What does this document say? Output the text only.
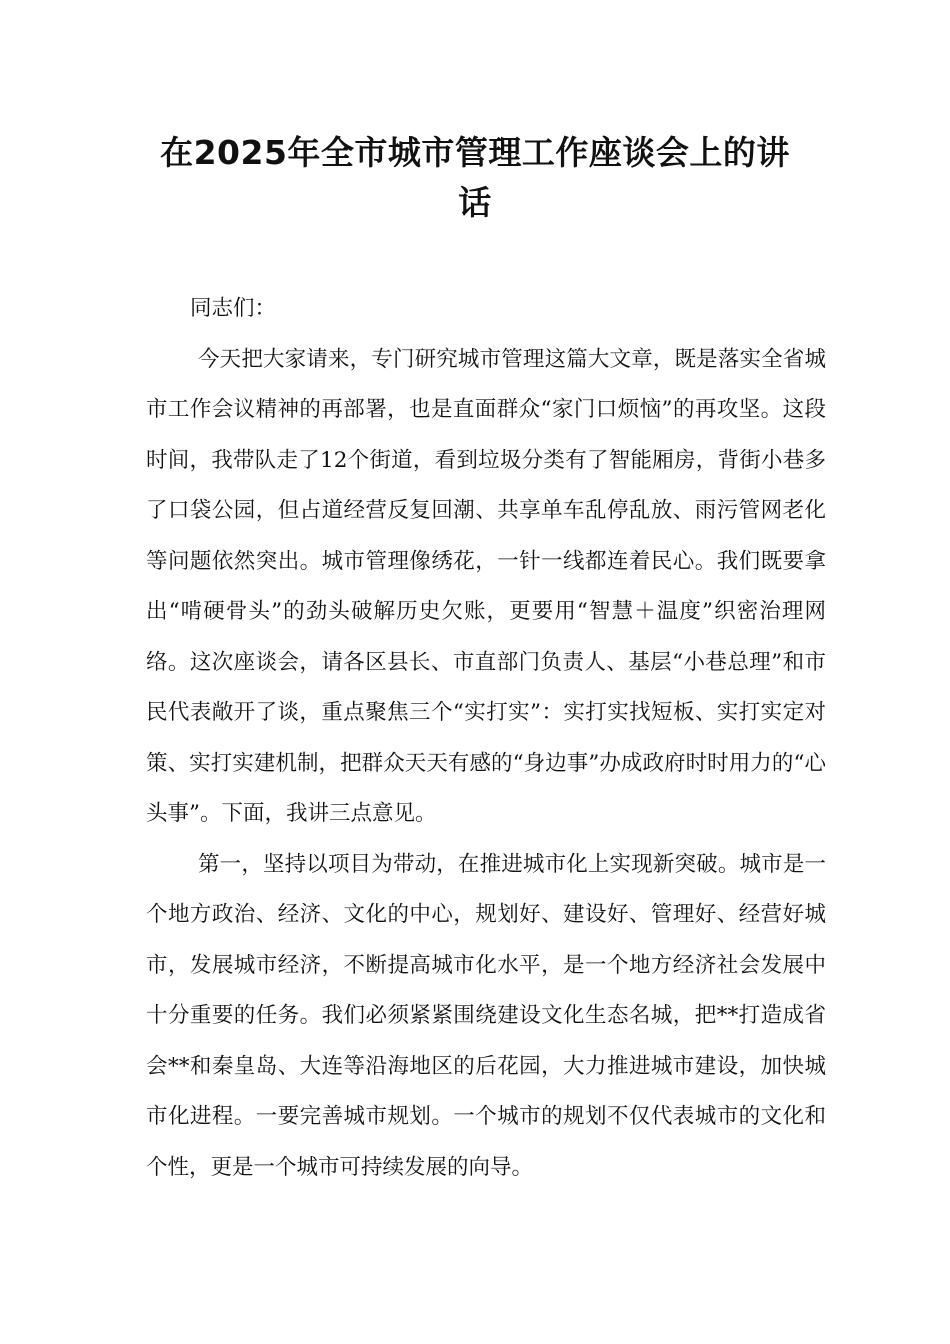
在2025年全市城市管理工作座谈会上的讲
话

同志们：

今天把大家请来，专门研究城市管理这篇大文章，既是落实全省城市工作会议精神的再部署，也是直面群众“家门口烦恼”的再攻坚。这段时间，我带队走了12个街道，看到垃圾分类有了智能厢房，背街小巷多了口袋公园，但占道经营反复回潮、共享单车乱停乱放、雨污管网老化等问题依然突出。城市管理像绣花，一针一线都连着民心。我们既要拿出“啃硬骨头”的劲头破解历史欠账，更要用“智慧＋温度”织密治理网络。这次座谈会，请各区县长、市直部门负责人、基层“小巷总理”和市民代表敞开了谈，重点聚焦三个“实打实”：实打实找短板、实打实定对策、实打实建机制，把群众天天有感的“身边事”办成政府时时用力的“心头事”。下面，我讲三点意见。

第一，坚持以项目为带动，在推进城市化上实现新突破。城市是一个地方政治、经济、文化的中心，规划好、建设好、管理好、经营好城市，发展城市经济，不断提高城市化水平，是一个地方经济社会发展中十分重要的任务。我们必须紧紧围绕建设文化生态名城，把**打造成省会**和秦皇岛、大连等沿海地区的后花园，大力推进城市建设，加快城市化进程。一要完善城市规划。一个城市的规划不仅代表城市的文化和个性，更是一个城市可持续发展的向导。
